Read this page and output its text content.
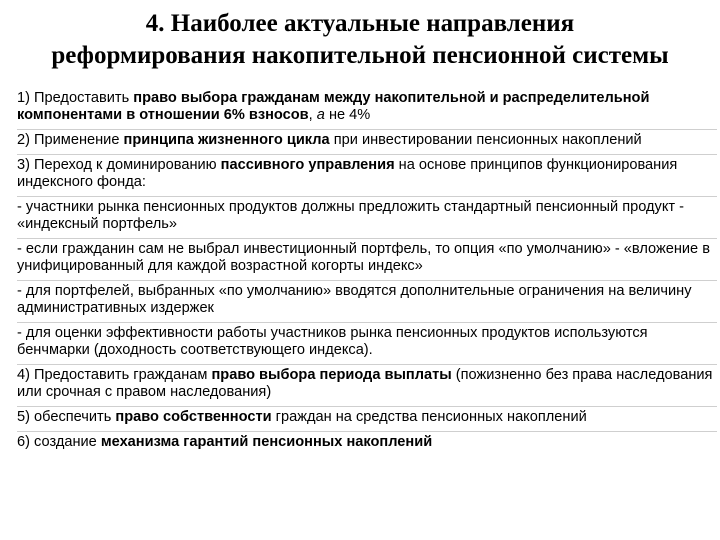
4. Наиболее актуальные направления
реформирования накопительной пенсионной системы

1) Предоставить право выбора гражданам между накопительной и распределительной компонентами в отношении 6% взносов, а не 4%

2) Применение принципа жизненного цикла при инвестировании пенсионных накоплений

3) Переход к доминированию пассивного управления на основе принципов функционирования индексного фонда:

- участники рынка пенсионных продуктов должны предложить стандартный пенсионный продукт - «индексный портфель»

- если гражданин сам не выбрал инвестиционный портфель, то опция «по умолчанию» - «вложение в унифицированный для каждой возрастной когорты индекс»

- для портфелей, выбранных «по умолчанию» вводятся дополнительные ограничения на величину административных издержек

- для оценки эффективности работы участников рынка пенсионных продуктов используются бенчмарки (доходность соответствующего индекса).

4) Предоставить гражданам право выбора периода выплаты (пожизненно без права наследования или срочная с правом наследования)

5) обеспечить право собственности граждан на средства пенсионных накоплений

6) создание механизма гарантий пенсионных накоплений
